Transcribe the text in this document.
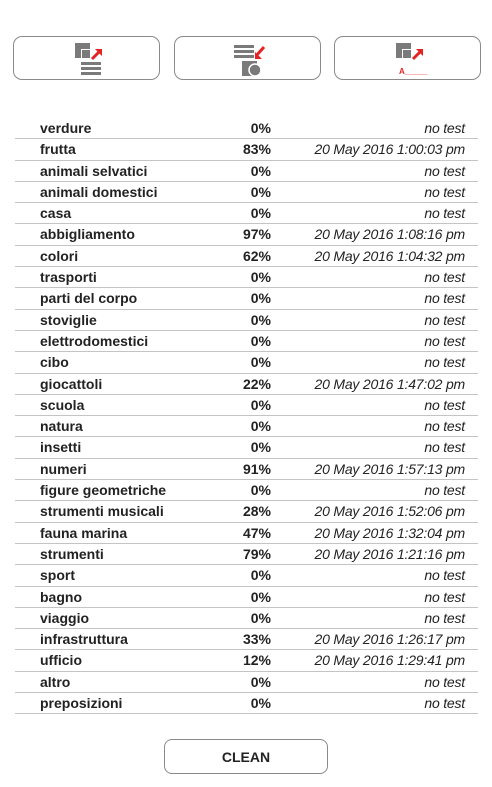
A_____
verdure	0%	no test
frutta	83%	20 May 2016 1:00:03 pm
animali selvatici	0%	no test
animali domestici	0%	no test
casa	0%	no test
abbigliamento	97%	20 May 2016 1:08:16 pm
colori	62%	20 May 2016 1:04:32 pm
trasporti	0%	no test
parti del corpo	0%	no test
stoviglie	0%	no test
elettrodomestici	0%	no test
cibo	0%	no test
giocattoli	22%	20 May 2016 1:47:02 pm
scuola	0%	no test
natura	0%	no test
insetti	0%	no test
numeri	91%	20 May 2016 1:57:13 pm
figure geometriche	0%	no test
strumenti musicali	28%	20 May 2016 1:52:06 pm
fauna marina	47%	20 May 2016 1:32:04 pm
strumenti	79%	20 May 2016 1:21:16 pm
sport	0%	no test
bagno	0%	no test
viaggio	0%	no test
infrastruttura	33%	20 May 2016 1:26:17 pm
ufficio	12%	20 May 2016 1:29:41 pm
altro	0%	no test
preposizioni	0%	no test
CLEAN
